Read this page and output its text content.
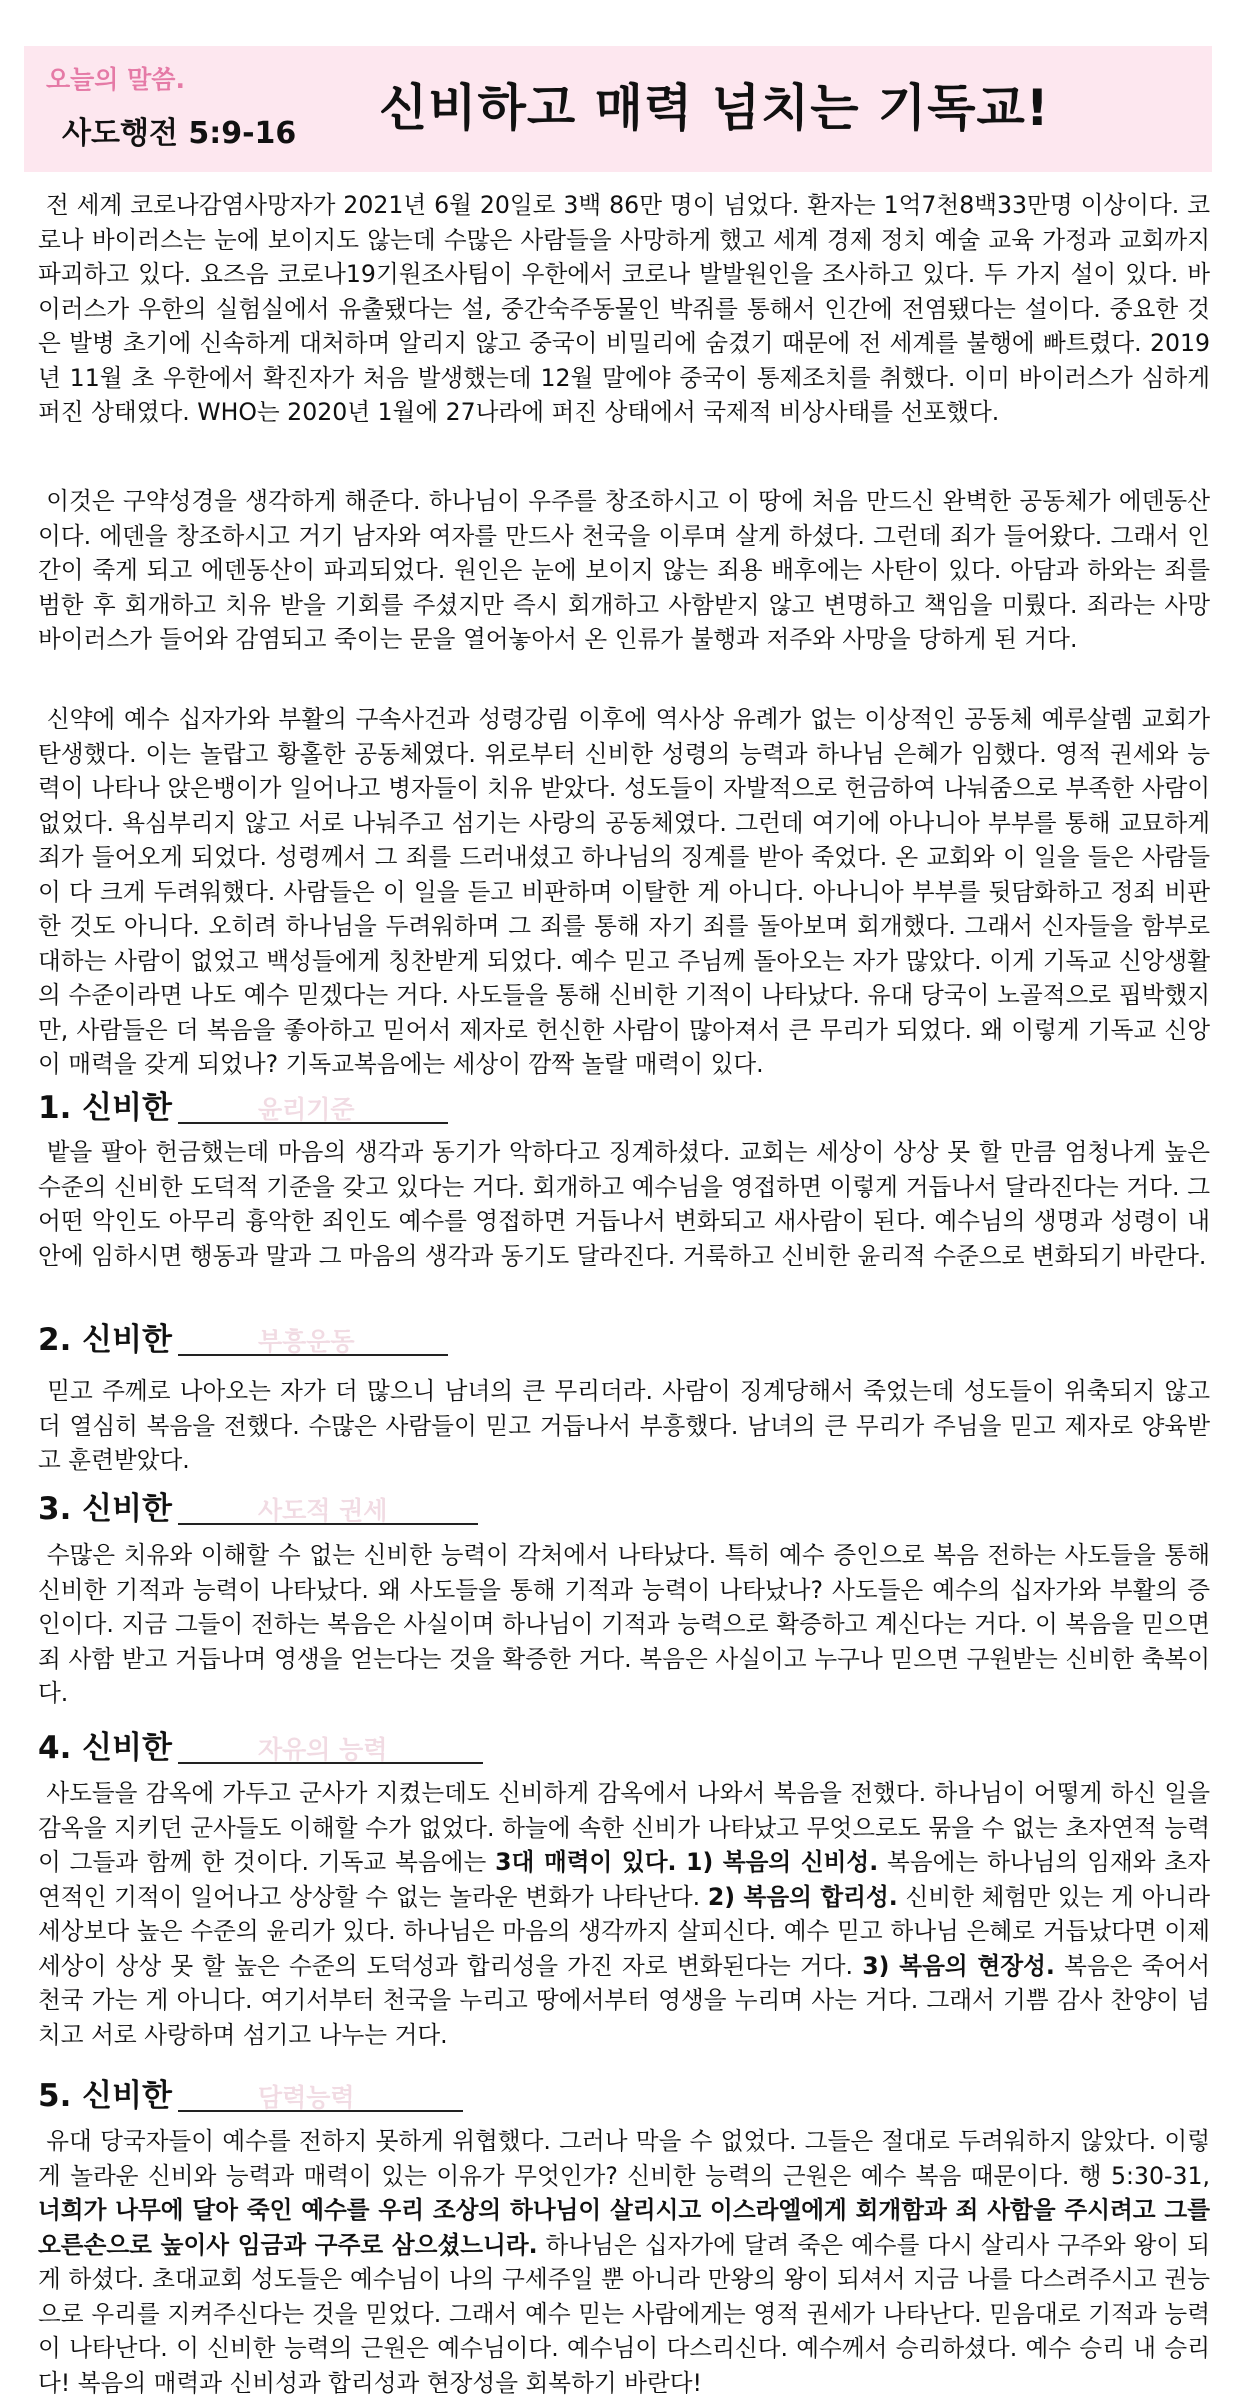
오늘의 말씀.
사도행전 5:9-16 신비하고 매력 넘치는 기독교!

전 세계 코로나감염사망자가 2021년 6월 20일로 3백 86만 명이 넘었다. 환자는 1억7천8백33만명 이상이다. 코로나 바이러스는 눈에 보이지도 않는데 수많은 사람들을 사망하게 했고 세계 경제 정치 예술 교육 가정과 교회까지 파괴하고 있다. 요즈음 코로나19기원조사팀이 우한에서 코로나 발발원인을 조사하고 있다. 두 가지 설이 있다. 바이러스가 우한의 실험실에서 유출됐다는 설, 중간숙주동물인 박쥐를 통해서 인간에 전염됐다는 설이다. 중요한 것은 발병 초기에 신속하게 대처하며 알리지 않고 중국이 비밀리에 숨겼기 때문에 전 세계를 불행에 빠트렸다. 2019년 11월 초 우한에서 확진자가 처음 발생했는데 12월 말에야 중국이 통제조치를 취했다. 이미 바이러스가 심하게 퍼진 상태였다. WHO는 2020년 1월에 27나라에 퍼진 상태에서 국제적 비상사태를 선포했다.

이것은 구약성경을 생각하게 해준다. 하나님이 우주를 창조하시고 이 땅에 처음 만드신 완벽한 공동체가 에덴동산이다. 에덴을 창조하시고 거기 남자와 여자를 만드사 천국을 이루며 살게 하셨다. 그런데 죄가 들어왔다. 그래서 인간이 죽게 되고 에덴동산이 파괴되었다. 원인은 눈에 보이지 않는 죄용 배후에는 사탄이 있다. 아담과 하와는 죄를 범한 후 회개하고 치유 받을 기회를 주셨지만 즉시 회개하고 사함받지 않고 변명하고 책임을 미뤘다. 죄라는 사망 바이러스가 들어와 감염되고 죽이는 문을 열어놓아서 온 인류가 불행과 저주와 사망을 당하게 된 거다.

신약에 예수 십자가와 부활의 구속사건과 성령강림 이후에 역사상 유례가 없는 이상적인 공동체 예루살렘 교회가 탄생했다. 이는 놀랍고 황홀한 공동체였다. 위로부터 신비한 성령의 능력과 하나님 은혜가 임했다. 영적 권세와 능력이 나타나 앉은뱅이가 일어나고 병자들이 치유 받았다. 성도들이 자발적으로 헌금하여 나눠줌으로 부족한 사람이 없었다. 욕심부리지 않고 서로 나눠주고 섬기는 사랑의 공동체였다. 그런데 여기에 아나니아 부부를 통해 교묘하게 죄가 들어오게 되었다. 성령께서 그 죄를 드러내셨고 하나님의 징계를 받아 죽었다. 온 교회와 이 일을 들은 사람들이 다 크게 두려워했다. 사람들은 이 일을 듣고 비판하며 이탈한 게 아니다. 아나니아 부부를 뒷담화하고 정죄 비판한 것도 아니다. 오히려 하나님을 두려워하며 그 죄를 통해 자기 죄를 돌아보며 회개했다. 그래서 신자들을 함부로 대하는 사람이 없었고 백성들에게 칭찬받게 되었다. 예수 믿고 주님께 돌아오는 자가 많았다. 이게 기독교 신앙생활의 수준이라면 나도 예수 믿겠다는 거다. 사도들을 통해 신비한 기적이 나타났다. 유대 당국이 노골적으로 핍박했지만, 사람들은 더 복음을 좋아하고 믿어서 제자로 헌신한 사람이 많아져서 큰 무리가 되었다. 왜 이렇게 기독교 신앙이 매력을 갖게 되었나? 기독교복음에는 세상이 깜짝 놀랄 매력이 있다.

1. 신비한	윤리기준

밭을 팔아 헌금했는데 마음의 생각과 동기가 악하다고 징계하셨다. 교회는 세상이 상상 못 할 만큼 엄청나게 높은 수준의 신비한 도덕적 기준을 갖고 있다는 거다. 회개하고 예수님을 영접하면 이렇게 거듭나서 달라진다는 거다. 그 어떤 악인도 아무리 흉악한 죄인도 예수를 영접하면 거듭나서 변화되고 새사람이 된다. 예수님의 생명과 성령이 내 안에 임하시면 행동과 말과 그 마음의 생각과 동기도 달라진다. 거룩하고 신비한 윤리적 수준으로 변화되기 바란다.

2. 신비한	부흥운동

믿고 주께로 나아오는 자가 더 많으니 남녀의 큰 무리더라. 사람이 징계당해서 죽었는데 성도들이 위축되지 않고 더 열심히 복음을 전했다. 수많은 사람들이 믿고 거듭나서 부흥했다. 남녀의 큰 무리가 주님을 믿고 제자로 양육받고 훈련받았다.

3. 신비한	사도적 권세

수많은 치유와 이해할 수 없는 신비한 능력이 각처에서 나타났다. 특히 예수 증인으로 복음 전하는 사도들을 통해 신비한 기적과 능력이 나타났다. 왜 사도들을 통해 기적과 능력이 나타났나? 사도들은 예수의 십자가와 부활의 증인이다. 지금 그들이 전하는 복음은 사실이며 하나님이 기적과 능력으로 확증하고 계신다는 거다. 이 복음을 믿으면 죄 사함 받고 거듭나며 영생을 얻는다는 것을 확증한 거다. 복음은 사실이고 누구나 믿으면 구원받는 신비한 축복이다.

4. 신비한	자유의 능력

사도들을 감옥에 가두고 군사가 지켰는데도 신비하게 감옥에서 나와서 복음을 전했다. 하나님이 어떻게 하신 일을 감옥을 지키던 군사들도 이해할 수가 없었다. 하늘에 속한 신비가 나타났고 무엇으로도 묶을 수 없는 초자연적 능력이 그들과 함께 한 것이다. 기독교 복음에는 3대 매력이 있다. 1) 복음의 신비성. 복음에는 하나님의 임재와 초자연적인 기적이 일어나고 상상할 수 없는 놀라운 변화가 나타난다. 2) 복음의 합리성. 신비한 체험만 있는 게 아니라 세상보다 높은 수준의 윤리가 있다. 하나님은 마음의 생각까지 살피신다. 예수 믿고 하나님 은혜로 거듭났다면 이제 세상이 상상 못 할 높은 수준의 도덕성과 합리성을 가진 자로 변화된다는 거다. 3) 복음의 현장성. 복음은 죽어서 천국 가는 게 아니다. 여기서부터 천국을 누리고 땅에서부터 영생을 누리며 사는 거다. 그래서 기쁨 감사 찬양이 넘치고 서로 사랑하며 섬기고 나누는 거다.

5. 신비한	담력능력

유대 당국자들이 예수를 전하지 못하게 위협했다. 그러나 막을 수 없었다. 그들은 절대로 두려워하지 않았다. 이렇게 놀라운 신비와 능력과 매력이 있는 이유가 무엇인가? 신비한 능력의 근원은 예수 복음 때문이다. 행 5:30-31, 너희가 나무에 달아 죽인 예수를 우리 조상의 하나님이 살리시고 이스라엘에게 회개함과 죄 사함을 주시려고 그를 오른손으로 높이사 임금과 구주로 삼으셨느니라. 하나님은 십자가에 달려 죽은 예수를 다시 살리사 구주와 왕이 되게 하셨다. 초대교회 성도들은 예수님이 나의 구세주일 뿐 아니라 만왕의 왕이 되셔서 지금 나를 다스려주시고 권능으로 우리를 지켜주신다는 것을 믿었다. 그래서 예수 믿는 사람에게는 영적 권세가 나타난다. 믿음대로 기적과 능력이 나타난다. 이 신비한 능력의 근원은 예수님이다. 예수님이 다스리신다. 예수께서 승리하셨다. 예수 승리 내 승리다! 복음의 매력과 신비성과 합리성과 현장성을 회복하기 바란다!
